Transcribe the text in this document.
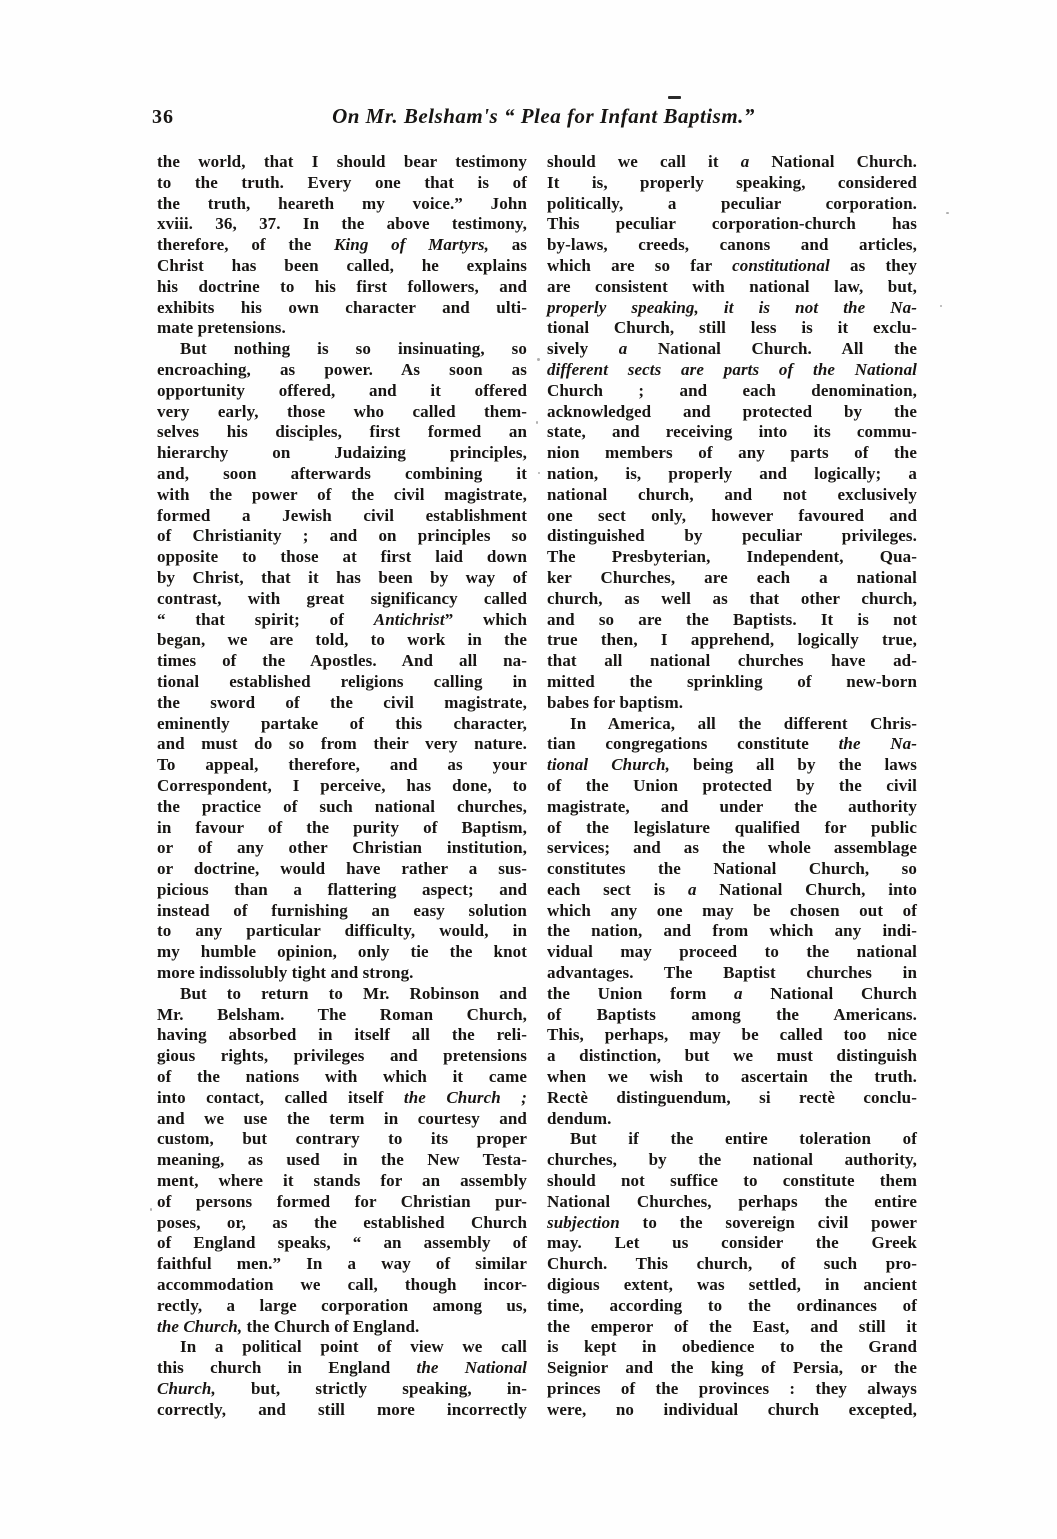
36	On Mr. Belsham's “ Plea for Infant Baptism.”
the world, that I should bear testimony
to the truth. Every one that is of
the truth, heareth my voice.” John
xviii. 36, 37. In the above testimony,
therefore, of the King of Martyrs, as
Christ has been called, he explains
his doctrine to his first followers, and
exhibits his own character and ulti-
mate pretensions.
But nothing is so insinuating, so
encroaching, as power. As soon as
opportunity offered, and it offered
very early, those who called them-
selves his disciples, first formed an
hierarchy on Judaizing principles,
and, soon afterwards combining it
with the power of the civil magistrate,
formed a Jewish civil establishment
of Christianity ; and on principles so
opposite to those at first laid down
by Christ, that it has been by way of
contrast, with great significancy called
“ that spirit; of Antichrist” which
began, we are told, to work in the
times of the Apostles. And all na-
tional established religions calling in
the sword of the civil magistrate,
eminently partake of this character,
and must do so from their very nature.
To appeal, therefore, and as your
Correspondent, I perceive, has done, to
the practice of such national churches,
in favour of the purity of Baptism,
or of any other Christian institution,
or doctrine, would have rather a sus-
picious than a flattering aspect; and
instead of furnishing an easy solution
to any particular difficulty, would, in
my humble opinion, only tie the knot
more indissolubly tight and strong.
But to return to Mr. Robinson and
Mr. Belsham. The Roman Church,
having absorbed in itself all the reli-
gious rights, privileges and pretensions
of the nations with which it came
into contact, called itself the Church ;
and we use the term in courtesy and
custom, but contrary to its proper
meaning, as used in the New Testa-
ment, where it stands for an assembly
of persons formed for Christian pur-
poses, or, as the established Church
of England speaks, “ an assembly of
faithful men.” In a way of similar
accommodation we call, though incor-
rectly, a large corporation among us,
the Church, the Church of England.
In a political point of view we call
this church in England the National
Church, but, strictly speaking, in-
correctly, and still more incorrectly
should we call it a National Church.
It is, properly speaking, considered
politically, a peculiar corporation.
This peculiar corporation-church has
by-laws, creeds, canons and articles,
which are so far constitutional as they
are consistent with national law, but,
properly speaking, it is not the Na-
tional Church, still less is it exclu-
sively a National Church. All the
different sects are parts of the National
Church ; and each denomination,
acknowledged and protected by the
state, and receiving into its commu-
nion members of any parts of the
nation, is, properly and logically; a
national church, and not exclusively
one sect only, however favoured and
distinguished by peculiar privileges.
The Presbyterian, Independent, Qua-
ker Churches, are each a national
church, as well as that other church,
and so are the Baptists. It is not
true then, I apprehend, logically true,
that all national churches have ad-
mitted the sprinkling of new-born
babes for baptism.
In America, all the different Chris-
tian congregations constitute the Na-
tional Church, being all by the laws
of the Union protected by the civil
magistrate, and under the authority
of the legislature qualified for public
services; and as the whole assemblage
constitutes the National Church, so
each sect is a National Church, into
which any one may be chosen out of
the nation, and from which any indi-
vidual may proceed to the national
advantages. The Baptist churches in
the Union form a National Church
of Baptists among the Americans.
This, perhaps, may be called too nice
a distinction, but we must distinguish
when we wish to ascertain the truth.
Rectè distinguendum, si rectè conclu-
dendum.
But if the entire toleration of
churches, by the national authority,
should not suffice to constitute them
National Churches, perhaps the entire
subjection to the sovereign civil power
may. Let us consider the Greek
Church. This church, of such pro-
digious extent, was settled, in ancient
time, according to the ordinances of
the emperor of the East, and still it
is kept in obedience to the Grand
Seignior and the king of Persia, or the
princes of the provinces : they always
were, no individual church excepted,
